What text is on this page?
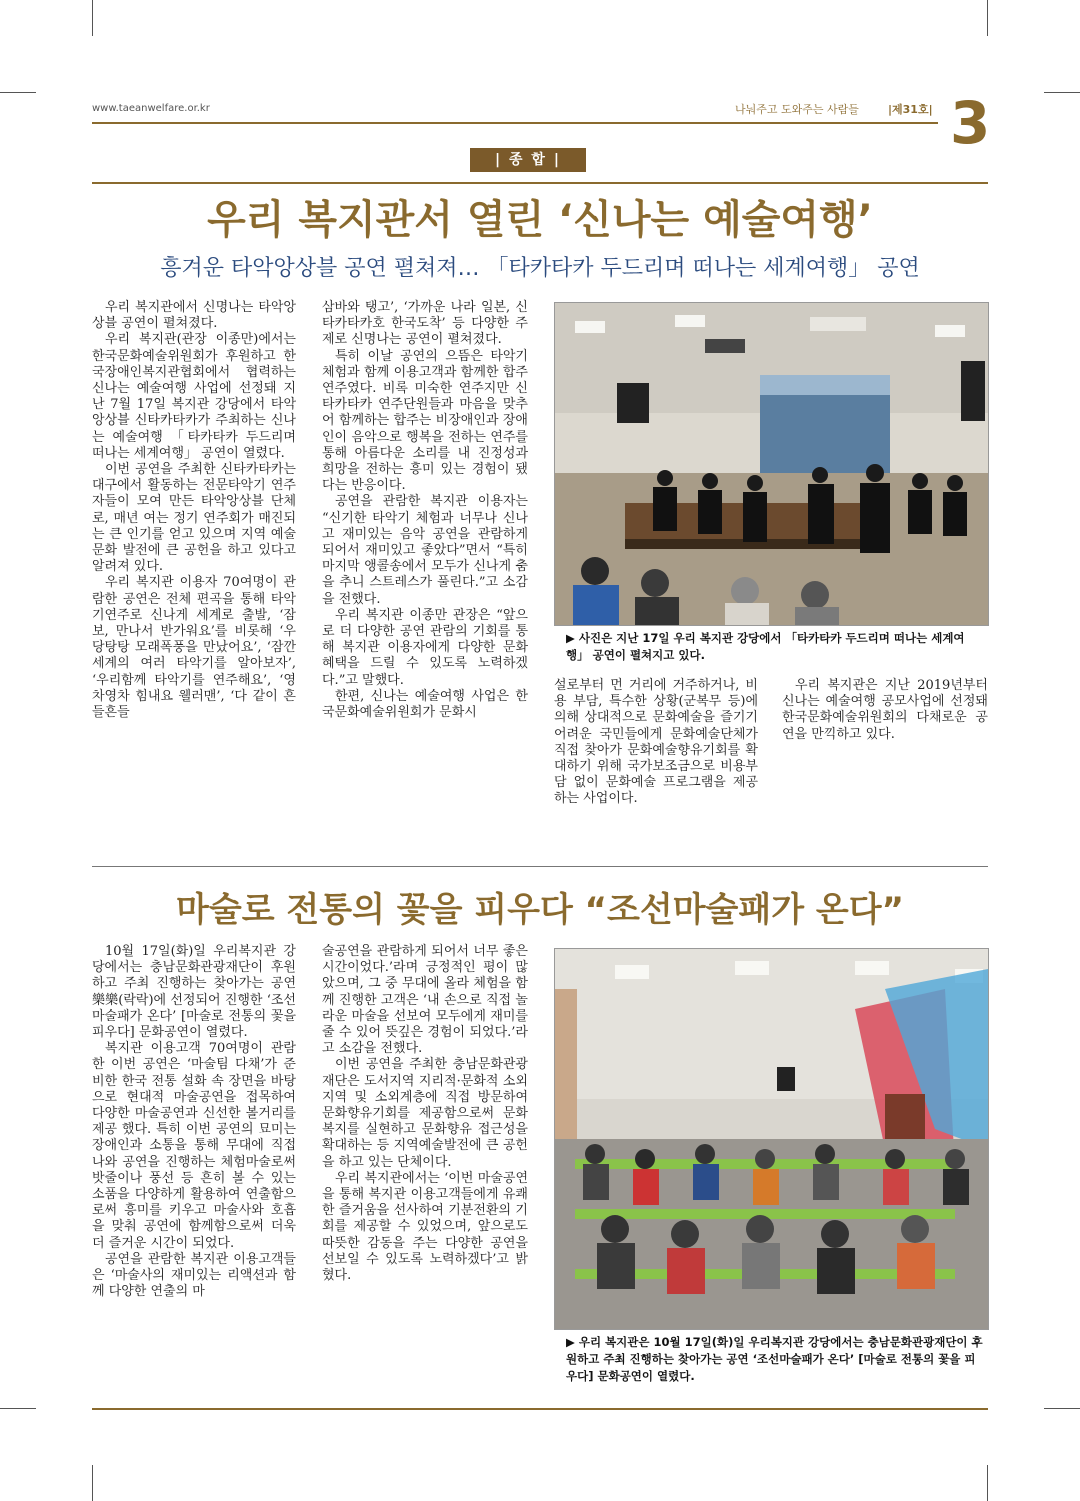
www.taeanwelfare.or.kr	나눠주고 도와주는 사람들	|제31호| 3
| 종 합 |
우리 복지관서 열린 ‘신나는 예술여행’
흥겨운 타악앙상블 공연 펼쳐져… 「타카타카 두드리며 떠나는 세계여행」 공연

우리 복지관에서 신명나는 타악앙상블 공연이 펼쳐졌다.

우리 복지관(관장 이종만)에서는 한국문화예술위원회가 후원하고 한국장애인복지관협회에서 협력하는 신나는 예술여행 사업에 선정돼 지난 7월 17일 복지관 강당에서 타악앙상블 신타카타카가 주최하는 신나는 예술여행 「타카타카 두드리며 떠나는 세계여행」 공연이 열렸다.

이번 공연을 주최한 신타카타카는 대구에서 활동하는 전문타악기 연주자들이 모여 만든 타악앙상블 단체로, 매년 여는 정기 연주회가 매진되는 큰 인기를 얻고 있으며 지역 예술 문화 발전에 큰 공헌을 하고 있다고 알려져 있다.

우리 복지관 이용자 70여명이 관람한 공연은 전체 편곡을 통해 타악기연주로 신나게 세계로 출발, ‘잠보, 만나서 반가워요’를 비롯해 ‘우당탕탕 모래폭풍을 만났어요’, ‘잠깐 세계의 여러 타악기를 알아보자’, ‘우리함께 타악기를 연주해요’, ‘영차영차 힘내요 웰러맨’, ‘다 같이 흔들흔들

삼바와 탱고’, ‘가까운 나라 일본, 신타카타카호 한국도착’ 등 다양한 주제로 신명나는 공연이 펼쳐졌다.

특히 이날 공연의 으뜸은 타악기 체험과 함께 이용고객과 함께한 합주연주였다. 비록 미숙한 연주지만 신타카타카 연주단원들과 마음을 맞추어 함께하는 합주는 비장애인과 장애인이 음악으로 행복을 전하는 연주를 통해 아름다운 소리를 내 진정성과 희망을 전하는 흥미 있는 경험이 됐다는 반응이다.

공연을 관람한 복지관 이용자는 “신기한 타악기 체험과 너무나 신나고 재미있는 음악 공연을 관람하게 되어서 재미있고 좋았다”면서 “특히 마지막 앵콜송에서 모두가 신나게 춤을 추니 스트레스가 풀린다.”고 소감을 전했다.

우리 복지관 이종만 관장은 “앞으로 더 다양한 공연 관람의 기회를 통해 복지관 이용자에게 다양한 문화 혜택을 드릴 수 있도록 노력하겠다.”고 말했다.

한편, 신나는 예술여행 사업은 한국문화예술위원회가 문화시

▶ 사진은 지난 17일 우리 복지관 강당에서 「타카타카 두드리며 떠나는 세계여행」 공연이 펼쳐지고 있다.

설로부터 먼 거리에 거주하거나, 비용 부담, 특수한 상황(군복무 등)에 의해 상대적으로 문화예술을 즐기기 어려운 국민들에게 문화예술단체가 직접 찾아가 문화예술향유기회를 확대하기 위해 국가보조금으로 비용부담 없이 문화예술 프로그램을 제공하는 사업이다.

우리 복지관은 지난 2019년부터 신나는 예술여행 공모사업에 선정돼 한국문화예술위원회의 다채로운 공연을 만끽하고 있다.

마술로 전통의 꽃을 피우다 “조선마술패가 온다”

10월 17일(화)일 우리복지관 강당에서는 충남문화관광재단이 후원하고 주최 진행하는 찾아가는 공연 樂樂(락락)에 선정되어 진행한 ‘조선마술패가 온다’ [마술로 전통의 꽃을 피우다] 문화공연이 열렸다.

복지관 이용고객 70여명이 관람한 이번 공연은 ‘마술팀 다채’가 준비한 한국 전통 설화 속 장면을 바탕으로 현대적 마술공연을 접목하여 다양한 마술공연과 신선한 볼거리를 제공 했다. 특히 이번 공연의 묘미는 장애인과 소통을 통해 무대에 직접 나와 공연을 진행하는 체험마술로써 밧줄이나 풍선 등 흔히 볼 수 있는 소품을 다양하게 활용하여 연출함으로써 흥미를 키우고 마술사와 호흡을 맞춰 공연에 함께함으로써 더욱더 즐거운 시간이 되었다.

공연을 관람한 복지관 이용고객들은 ‘마술사의 재미있는 리액션과 함께 다양한 연출의 마

술공연을 관람하게 되어서 너무 좋은 시간이었다.’라며 긍정적인 평이 많았으며, 그 중 무대에 올라 체험을 함께 진행한 고객은 ‘내 손으로 직접 놀라운 마술을 선보여 모두에게 재미를 줄 수 있어 뜻깊은 경험이 되었다.’라고 소감을 전했다.

이번 공연을 주최한 충남문화관광재단은 도서지역 지리적·문화적 소외지역 및 소외계층에 직접 방문하여 문화향유기회를 제공함으로써 문화 복지를 실현하고 문화향유 접근성을 확대하는 등 지역예술발전에 큰 공헌을 하고 있는 단체이다.

우리 복지관에서는 ‘이번 마술공연을 통해 복지관 이용고객들에게 유쾌한 즐거움을 선사하여 기분전환의 기회를 제공할 수 있었으며, 앞으로도 따뜻한 감동을 주는 다양한 공연을 선보일 수 있도록 노력하겠다’고 밝혔다.

▶ 우리 복지관은 10월 17일(화)일 우리복지관 강당에서는 충남문화관광재단이 후원하고 주최 진행하는 찾아가는 공연 ‘조선마술패가 온다’ [마술로 전통의 꽃을 피우다] 문화공연이 열렸다.
